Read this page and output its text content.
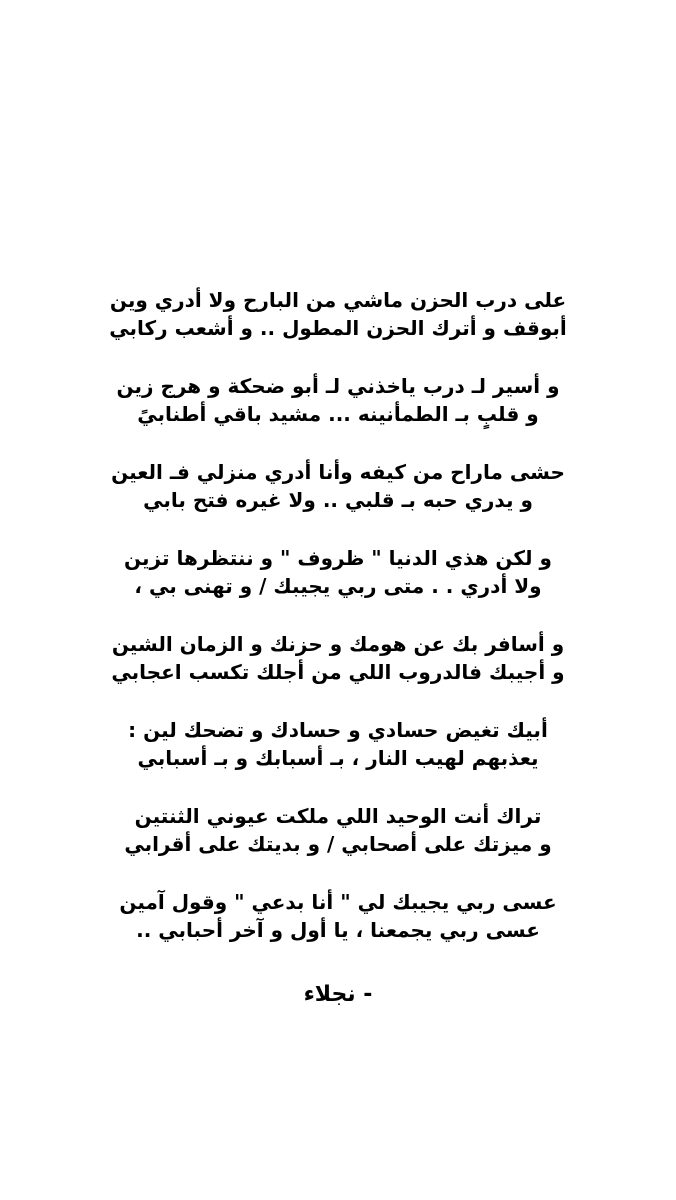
على درب الحزن ماشي من البارح ولا أدري وين
أبوقف و أترك الحزن المطول .. و أشعب ركابي
و أسير لـ درب ياخذني لـ أبو ضحكة و هرج زين
و قلبٍ بـ الطمأنينه ... مشيد باقي أطنابيً
حشى ماراح من كيفه وأنا أدري منزلي فـ العين
و يدري حبه بـ قلبي .. ولا غيره فتح بابي
و لكن هذي الدنيا " ظروف " و ننتظرها تزين
ولا أدري . . متى ربي يجيبك / و تهنى بي ،
و أسافر بك عن هومك و حزنك و الزمان الشين
و أجيبك فالدروب اللي من أجلك تكسب اعجابي
أبيك تغيض حسادي و حسادك و تضحك لين :
يعذبهم لهيب النار ، بـ أسبابك و بـ أسبابي
تراك أنت الوحيد اللي ملكت عيوني الثنتين
و ميزتك على أصحابي / و بديتك على أقرابي
عسى ربي يجيبك لي " أنا بدعي " وقول آمين
عسى ربي يجمعنا ، يا أول و آخر أحبابي ..
- نجلاء
